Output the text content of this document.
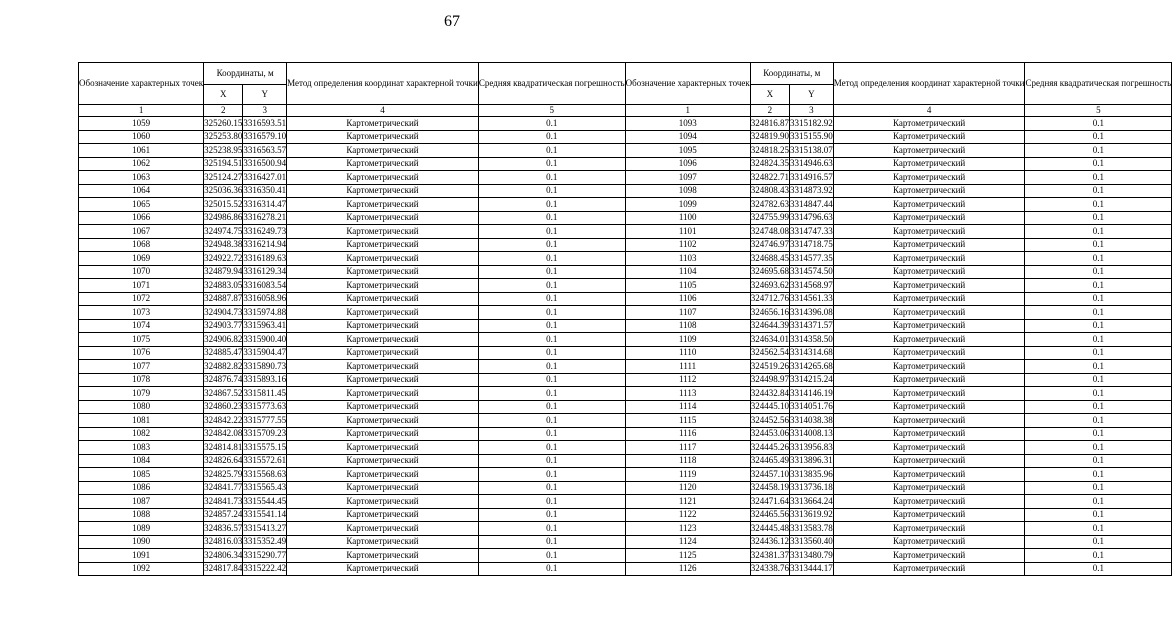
67
Обозначение характерных точек	Координаты, м		Метод определения координат характерной точки	Средняя квадратическая погрешность	Обозначение характерных точек	Координаты, м		Метод определения координат характерной точки	Средняя квадратическая погрешность
	X	Y				X	Y		
1	2	3	4	5	1	2	3	4	5
1059	325260.15	3316593.51	Картометрический	0.1	1093	324816.87	3315182.92	Картометрический	0.1
1060	325253.80	3316579.10	Картометрический	0.1	1094	324819.90	3315155.90	Картометрический	0.1
1061	325238.95	3316563.57	Картометрический	0.1	1095	324818.25	3315138.07	Картометрический	0.1
1062	325194.51	3316500.94	Картометрический	0.1	1096	324824.35	3314946.63	Картометрический	0.1
1063	325124.27	3316427.01	Картометрический	0.1	1097	324822.71	3314916.57	Картометрический	0.1
1064	325036.36	3316350.41	Картометрический	0.1	1098	324808.43	3314873.92	Картометрический	0.1
1065	325015.52	3316314.47	Картометрический	0.1	1099	324782.63	3314847.44	Картометрический	0.1
1066	324986.86	3316278.21	Картометрический	0.1	1100	324755.99	3314796.63	Картометрический	0.1
1067	324974.75	3316249.73	Картометрический	0.1	1101	324748.08	3314747.33	Картометрический	0.1
1068	324948.38	3316214.94	Картометрический	0.1	1102	324746.97	3314718.75	Картометрический	0.1
1069	324922.72	3316189.63	Картометрический	0.1	1103	324688.45	3314577.35	Картометрический	0.1
1070	324879.94	3316129.34	Картометрический	0.1	1104	324695.68	3314574.50	Картометрический	0.1
1071	324883.05	3316083.54	Картометрический	0.1	1105	324693.62	3314568.97	Картометрический	0.1
1072	324887.87	3316058.96	Картометрический	0.1	1106	324712.76	3314561.33	Картометрический	0.1
1073	324904.73	3315974.88	Картометрический	0.1	1107	324656.16	3314396.08	Картометрический	0.1
1074	324903.77	3315963.41	Картометрический	0.1	1108	324644.39	3314371.57	Картометрический	0.1
1075	324906.82	3315900.40	Картометрический	0.1	1109	324634.01	3314358.50	Картометрический	0.1
1076	324885.47	3315904.47	Картометрический	0.1	1110	324562.54	3314314.68	Картометрический	0.1
1077	324882.82	3315890.73	Картометрический	0.1	1111	324519.26	3314265.68	Картометрический	0.1
1078	324876.74	3315893.16	Картометрический	0.1	1112	324498.97	3314215.24	Картометрический	0.1
1079	324867.52	3315811.45	Картометрический	0.1	1113	324432.84	3314146.19	Картометрический	0.1
1080	324860.23	3315773.63	Картометрический	0.1	1114	324445.10	3314051.76	Картометрический	0.1
1081	324842.22	3315777.55	Картометрический	0.1	1115	324452.56	3314038.38	Картометрический	0.1
1082	324842.08	3315709.23	Картометрический	0.1	1116	324453.06	3314008.13	Картометрический	0.1
1083	324814.81	3315575.15	Картометрический	0.1	1117	324445.26	3313956.83	Картометрический	0.1
1084	324826.64	3315572.61	Картометрический	0.1	1118	324465.49	3313896.31	Картометрический	0.1
1085	324825.79	3315568.63	Картометрический	0.1	1119	324457.10	3313835.96	Картометрический	0.1
1086	324841.77	3315565.43	Картометрический	0.1	1120	324458.19	3313736.18	Картометрический	0.1
1087	324841.73	3315544.45	Картометрический	0.1	1121	324471.64	3313664.24	Картометрический	0.1
1088	324857.24	3315541.14	Картометрический	0.1	1122	324465.56	3313619.92	Картометрический	0.1
1089	324836.57	3315413.27	Картометрический	0.1	1123	324445.48	3313583.78	Картометрический	0.1
1090	324816.03	3315352.49	Картометрический	0.1	1124	324436.12	3313560.40	Картометрический	0.1
1091	324806.34	3315290.77	Картометрический	0.1	1125	324381.37	3313480.79	Картометрический	0.1
1092	324817.84	3315222.42	Картометрический	0.1	1126	324338.76	3313444.17	Картометрический	0.1
